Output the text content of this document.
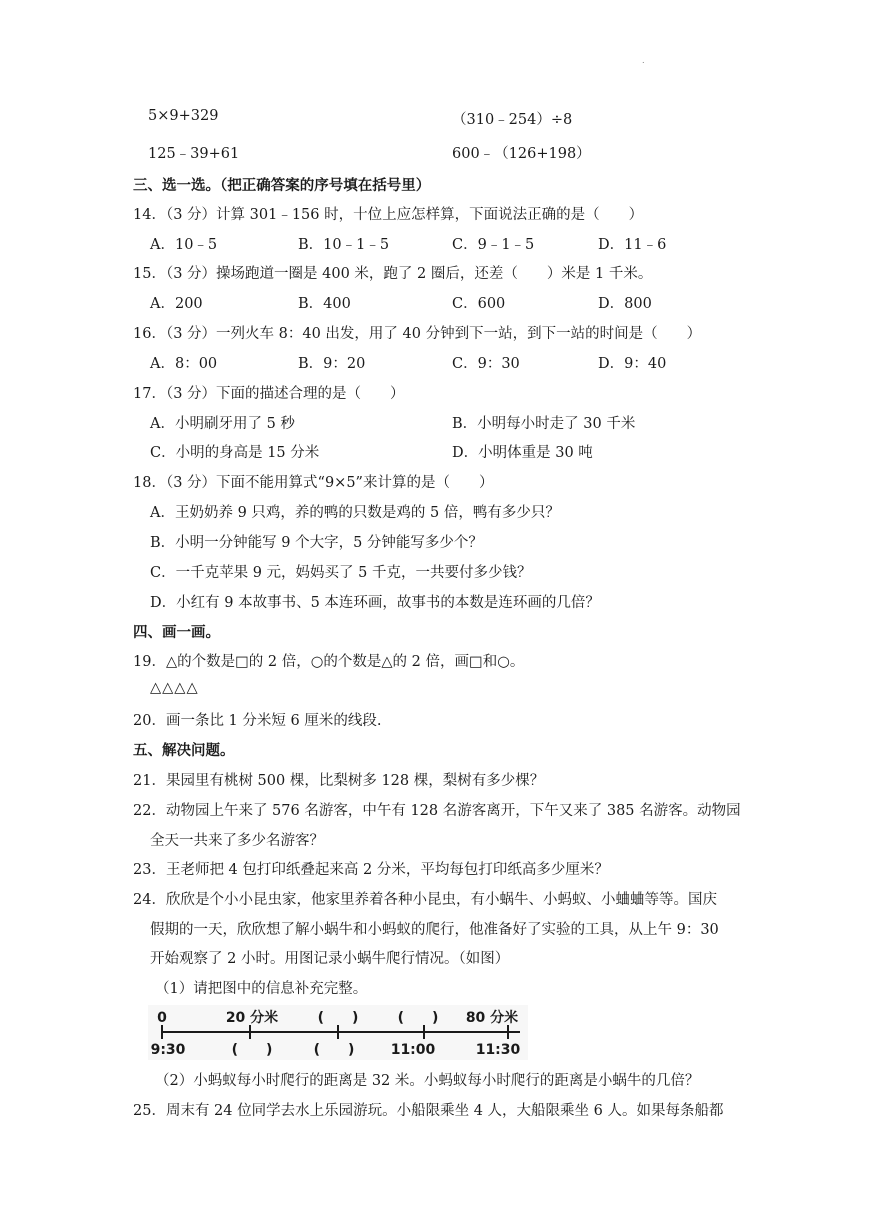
.
5×9+329	（310﹣254）÷8
125﹣39+61	600﹣（126+198）
三、选一选。（把正确答案的序号填在括号里）
14．（3 分）计算 301﹣156 时，十位上应怎样算，下面说法正确的是（　　）
A．10﹣5	B．10﹣1﹣5	C．9﹣1﹣5	D．11﹣6
15．（3 分）操场跑道一圈是 400 米，跑了 2 圈后，还差（　　）米是 1 千米。
A．200	B．400	C．600	D．800
16．（3 分）一列火车 8：40 出发，用了 40 分钟到下一站，到下一站的时间是（　　）
A．8：00	B．9：20	C．9：30	D．9：40
17．（3 分）下面的描述合理的是（　　）
A．小明刷牙用了 5 秒	B．小明每小时走了 30 千米
C．小明的身高是 15 分米	D．小明体重是 30 吨
18．（3 分）下面不能用算式“9×5”来计算的是（　　）
A．王奶奶养 9 只鸡，养的鸭的只数是鸡的 5 倍，鸭有多少只？
B．小明一分钟能写 9 个大字，5 分钟能写多少个？
C．一千克苹果 9 元，妈妈买了 5 千克，一共要付多少钱？
D．小红有 9 本故事书、5 本连环画，故事书的本数是连环画的几倍？
四、画一画。
19．△的个数是□的 2 倍，○的个数是△的 2 倍，画□和○。
△△△△
20．画一条比 1 分米短 6 厘米的线段.
五、解决问题。
21．果园里有桃树 500 棵，比梨树多 128 棵，梨树有多少棵？
22．动物园上午来了 576 名游客，中午有 128 名游客离开，下午又来了 385 名游客。动物园
全天一共来了多少名游客？
23．王老师把 4 包打印纸叠起来高 2 分米，平均每包打印纸高多少厘米？
24．欣欣是个小小昆虫家，他家里养着各种小昆虫，有小蜗牛、小蚂蚁、小蛐蛐等等。国庆
假期的一天，欣欣想了解小蜗牛和小蚂蚁的爬行，他准备好了实验的工具，从上午 9：30
开始观察了 2 小时。用图记录小蜗牛爬行情况。（如图）
（1）请把图中的信息补充完整。
0	20 分米	(　　)	(　　) 80 分米
9:30	(　　)	(　　)	11:00	11:30
（2）小蚂蚁每小时爬行的距离是 32 米。小蚂蚁每小时爬行的距离是小蜗牛的几倍？
25．周末有 24 位同学去水上乐园游玩。小船限乘坐 4 人，大船限乘坐 6 人。如果每条船都
